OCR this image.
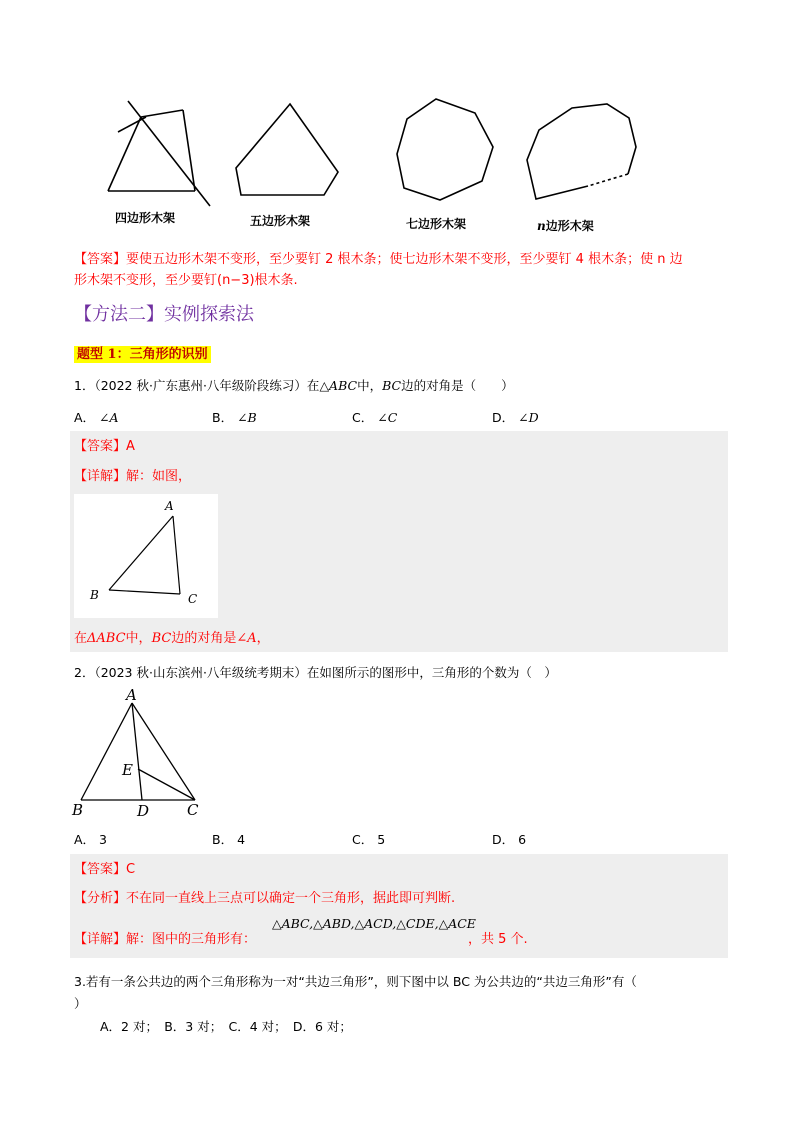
四边形木架	五边形木架	七边形木架	n边形木架
【答案】要使五边形木架不变形，至少要钉 2 根木条；使七边形木架不变形，至少要钉 4 根木条；使 n 边
形木架不变形，至少要钉(n−3)根木条.
【方法二】实例探索法
题型 1：三角形的识别
1．（2022 秋·广东惠州·八年级阶段练习）在△ABC中，BC边的对角是（　　）
A． ∠A	B． ∠B	C． ∠C	D． ∠D
【答案】A
【详解】解：如图，
A
B	C
在ΔABC中，BC边的对角是∠A，
2．（2023 秋·山东滨州·八年级统考期末）在如图所示的图形中，三角形的个数为（　）
A
E
B	D	C
A． 3	B． 4	C． 5	D． 6
【答案】C
【分析】不在同一直线上三点可以确定一个三角形，据此即可判断.
【详解】解：图中的三角形有：
△ABC,△ABD,△ACD,△CDE,△ACE
，共 5 个.
3.若有一条公共边的两个三角形称为一对“共边三角形”，则下图中以 BC 为公共边的“共边三角形”有（
）
A．2 对；　B．3 对；　C．4 对；　D．6 对；
